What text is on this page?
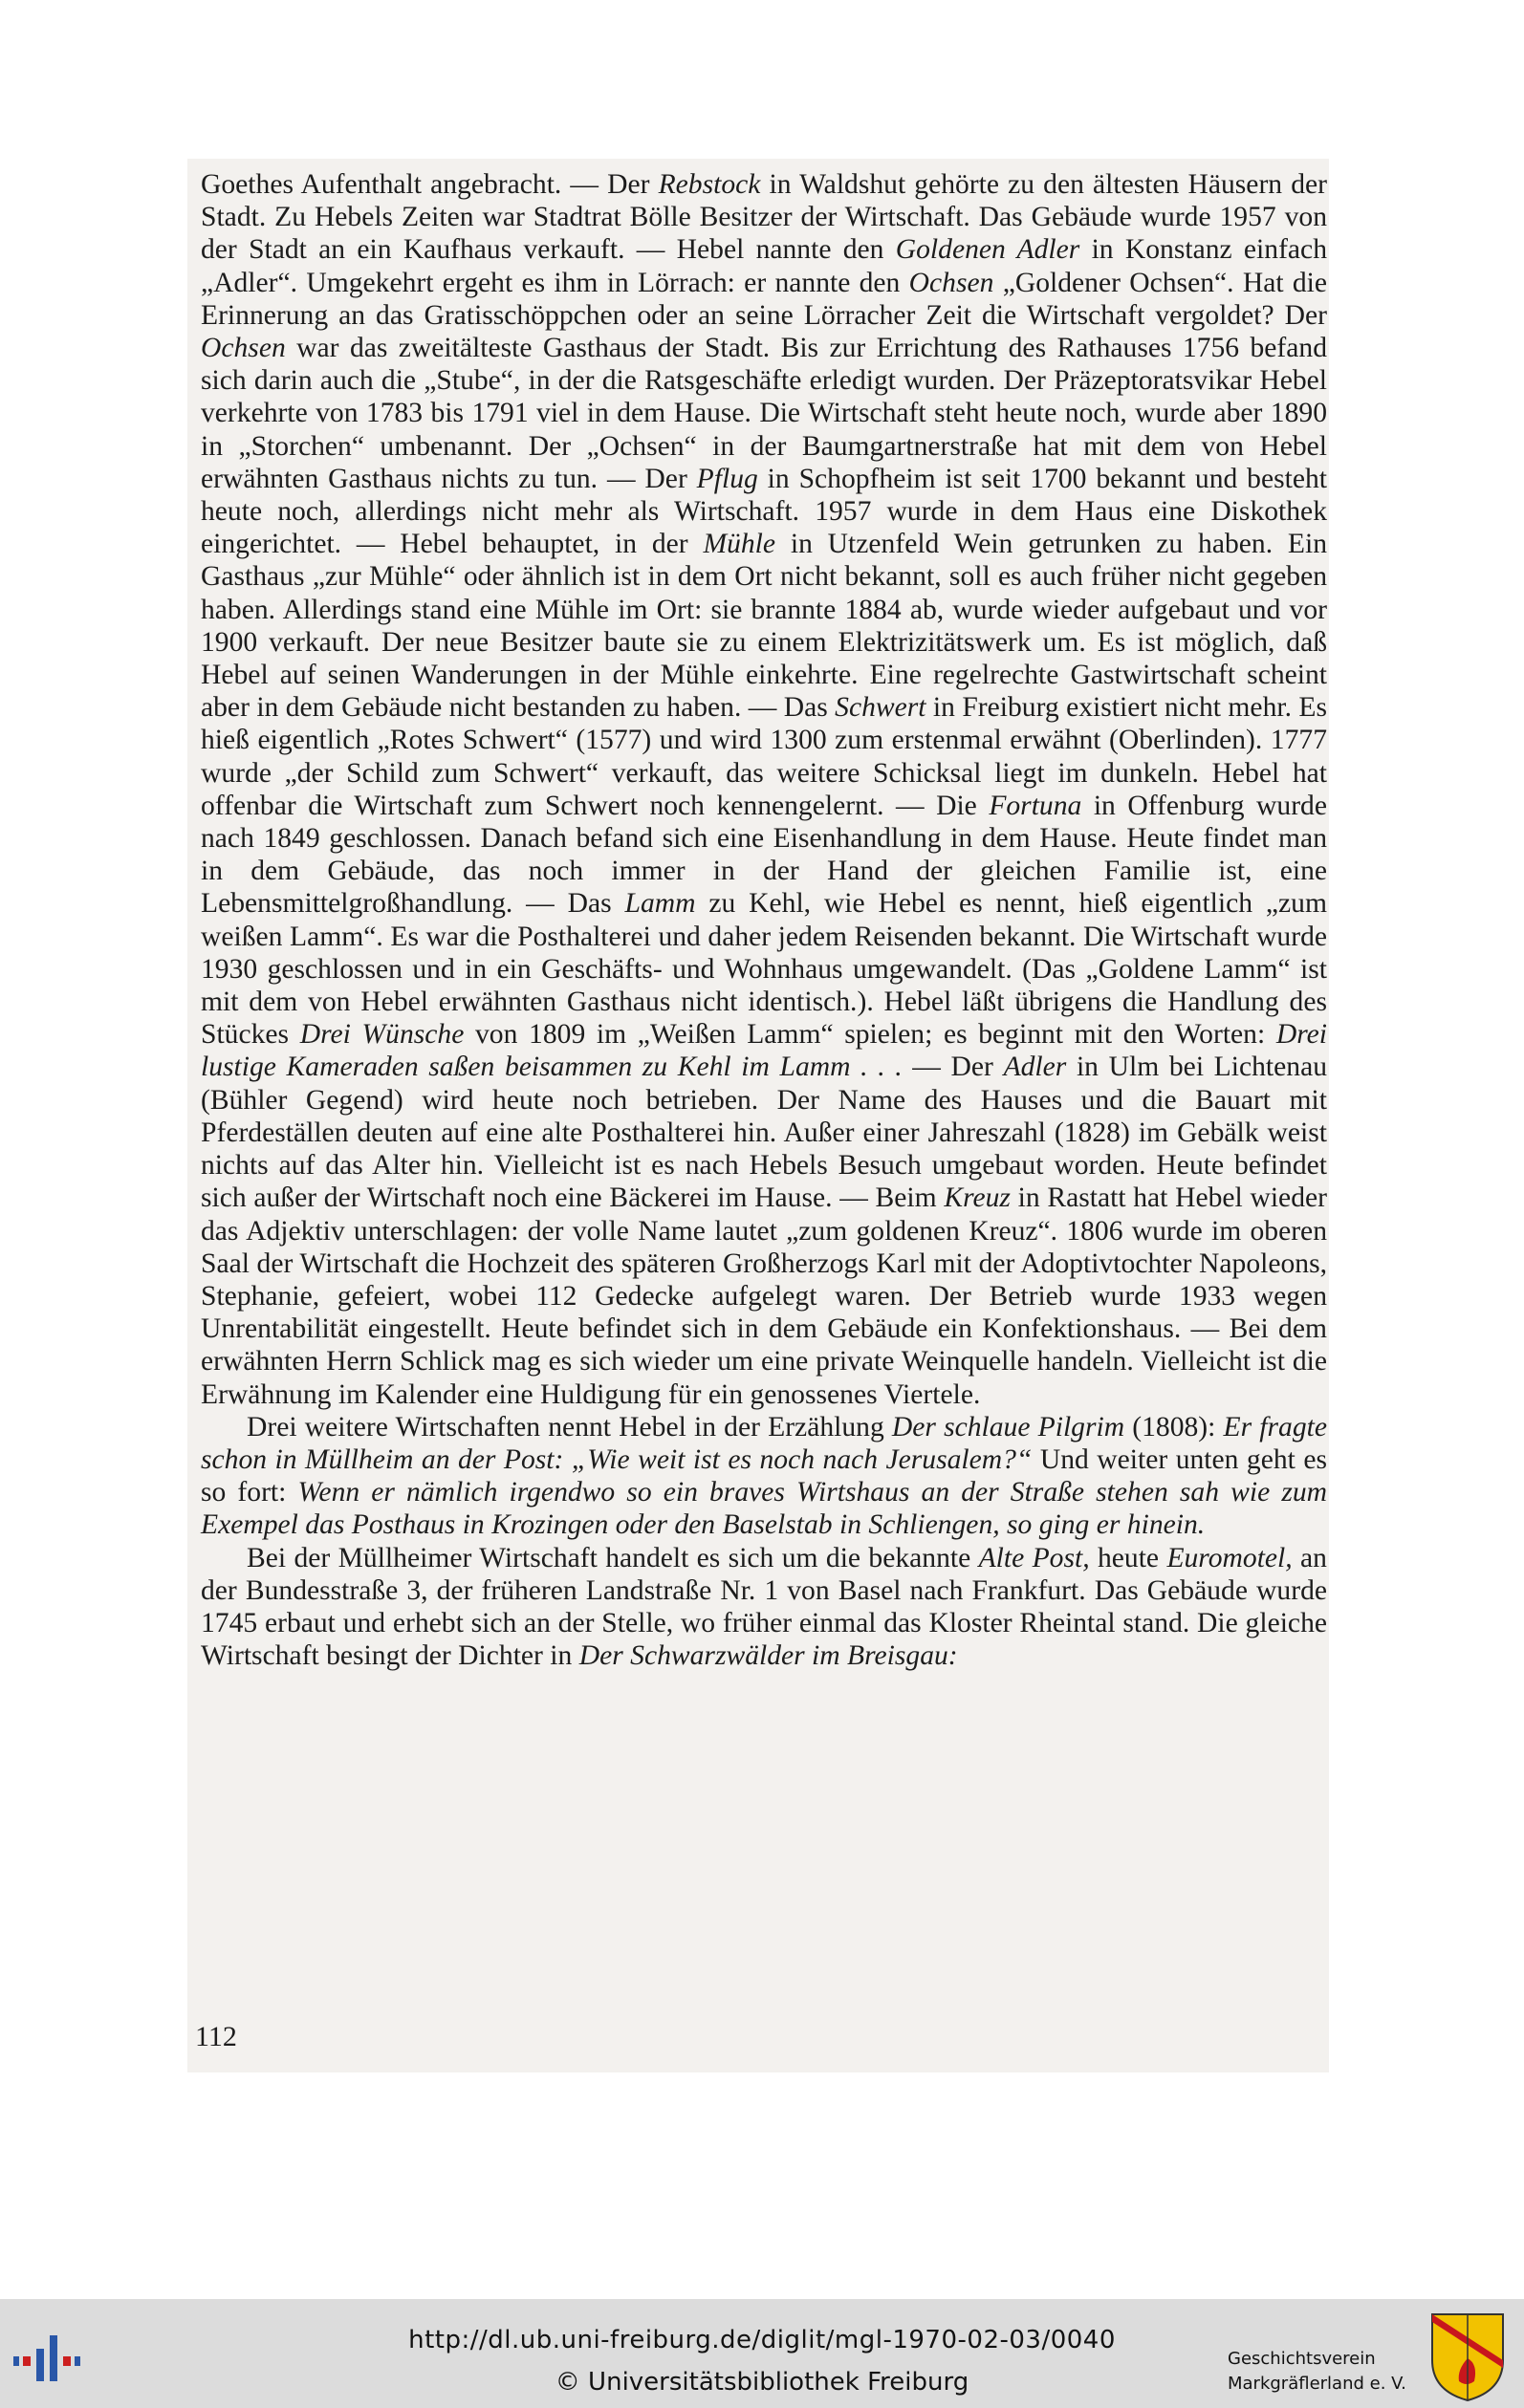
Goethes Aufenthalt angebracht. — Der Rebstock in Waldshut gehörte zu den ältesten Häusern der Stadt. Zu Hebels Zeiten war Stadtrat Bölle Besitzer der Wirtschaft. Das Gebäude wurde 1957 von der Stadt an ein Kaufhaus verkauft. — Hebel nannte den Goldenen Adler in Konstanz einfach „Adler“. Umgekehrt ergeht es ihm in Lörrach: er nannte den Ochsen „Goldener Ochsen“. Hat die Erinnerung an das Gratisschöppchen oder an seine Lörracher Zeit die Wirtschaft vergoldet? Der Ochsen war das zweitälteste Gasthaus der Stadt. Bis zur Errichtung des Rathauses 1756 befand sich darin auch die „Stube“, in der die Ratsgeschäfte erledigt wurden. Der Präzeptoratsvikar Hebel verkehrte von 1783 bis 1791 viel in dem Hause. Die Wirtschaft steht heute noch, wurde aber 1890 in „Storchen“ umbenannt. Der „Ochsen“ in der Baumgartnerstraße hat mit dem von Hebel erwähnten Gasthaus nichts zu tun. — Der Pflug in Schopfheim ist seit 1700 bekannt und besteht heute noch, allerdings nicht mehr als Wirtschaft. 1957 wurde in dem Haus eine Diskothek eingerichtet. — Hebel behauptet, in der Mühle in Utzenfeld Wein getrunken zu haben. Ein Gasthaus „zur Mühle“ oder ähnlich ist in dem Ort nicht bekannt, soll es auch früher nicht gegeben haben. Allerdings stand eine Mühle im Ort: sie brannte 1884 ab, wurde wieder aufgebaut und vor 1900 verkauft. Der neue Besitzer baute sie zu einem Elektrizitätswerk um. Es ist möglich, daß Hebel auf seinen Wanderungen in der Mühle einkehrte. Eine regelrechte Gastwirtschaft scheint aber in dem Gebäude nicht bestanden zu haben. — Das Schwert in Freiburg existiert nicht mehr. Es hieß eigentlich „Rotes Schwert“ (1577) und wird 1300 zum erstenmal erwähnt (Oberlinden). 1777 wurde „der Schild zum Schwert“ verkauft, das weitere Schicksal liegt im dunkeln. Hebel hat offenbar die Wirtschaft zum Schwert noch kennengelernt. — Die Fortuna in Offenburg wurde nach 1849 geschlossen. Danach befand sich eine Eisenhandlung in dem Hause. Heute findet man in dem Gebäude, das noch immer in der Hand der gleichen Familie ist, eine Lebensmittelgroßhandlung. — Das Lamm zu Kehl, wie Hebel es nennt, hieß eigentlich „zum weißen Lamm“. Es war die Posthalterei und daher jedem Reisenden bekannt. Die Wirtschaft wurde 1930 geschlossen und in ein Geschäfts- und Wohnhaus umgewandelt. (Das „Goldene Lamm“ ist mit dem von Hebel erwähnten Gasthaus nicht identisch.). Hebel läßt übrigens die Handlung des Stückes Drei Wünsche von 1809 im „Weißen Lamm“ spielen; es beginnt mit den Worten: Drei lustige Kameraden saßen beisammen zu Kehl im Lamm . . . — Der Adler in Ulm bei Lichtenau (Bühler Gegend) wird heute noch betrieben. Der Name des Hauses und die Bauart mit Pferdeställen deuten auf eine alte Posthalterei hin. Außer einer Jahreszahl (1828) im Gebälk weist nichts auf das Alter hin. Vielleicht ist es nach Hebels Besuch umgebaut worden. Heute befindet sich außer der Wirtschaft noch eine Bäckerei im Hause. — Beim Kreuz in Rastatt hat Hebel wieder das Adjektiv unterschlagen: der volle Name lautet „zum goldenen Kreuz“. 1806 wurde im oberen Saal der Wirtschaft die Hochzeit des späteren Großherzogs Karl mit der Adoptivtochter Napoleons, Stephanie, gefeiert, wobei 112 Gedecke aufgelegt waren. Der Betrieb wurde 1933 wegen Unrentabilität eingestellt. Heute befindet sich in dem Gebäude ein Konfektionshaus. — Bei dem erwähnten Herrn Schlick mag es sich wieder um eine private Weinquelle handeln. Vielleicht ist die Erwähnung im Kalender eine Huldigung für ein genossenes Viertele.

Drei weitere Wirtschaften nennt Hebel in der Erzählung Der schlaue Pilgrim (1808): Er fragte schon in Müllheim an der Post: „Wie weit ist es noch nach Jerusalem?“ Und weiter unten geht es so fort: Wenn er nämlich irgendwo so ein braves Wirtshaus an der Straße stehen sah wie zum Exempel das Posthaus in Krozingen oder den Baselstab in Schliengen, so ging er hinein.

Bei der Müllheimer Wirtschaft handelt es sich um die bekannte Alte Post, heute Euromotel, an der Bundesstraße 3, der früheren Landstraße Nr. 1 von Basel nach Frankfurt. Das Gebäude wurde 1745 erbaut und erhebt sich an der Stelle, wo früher einmal das Kloster Rheintal stand. Die gleiche Wirtschaft besingt der Dichter in Der Schwarzwälder im Breisgau:

112
http://dl.ub.uni-freiburg.de/diglit/mgl-1970-02-03/0040
© Universitätsbibliothek Freiburg
Geschichtsverein
Markgräflerland e. V.
